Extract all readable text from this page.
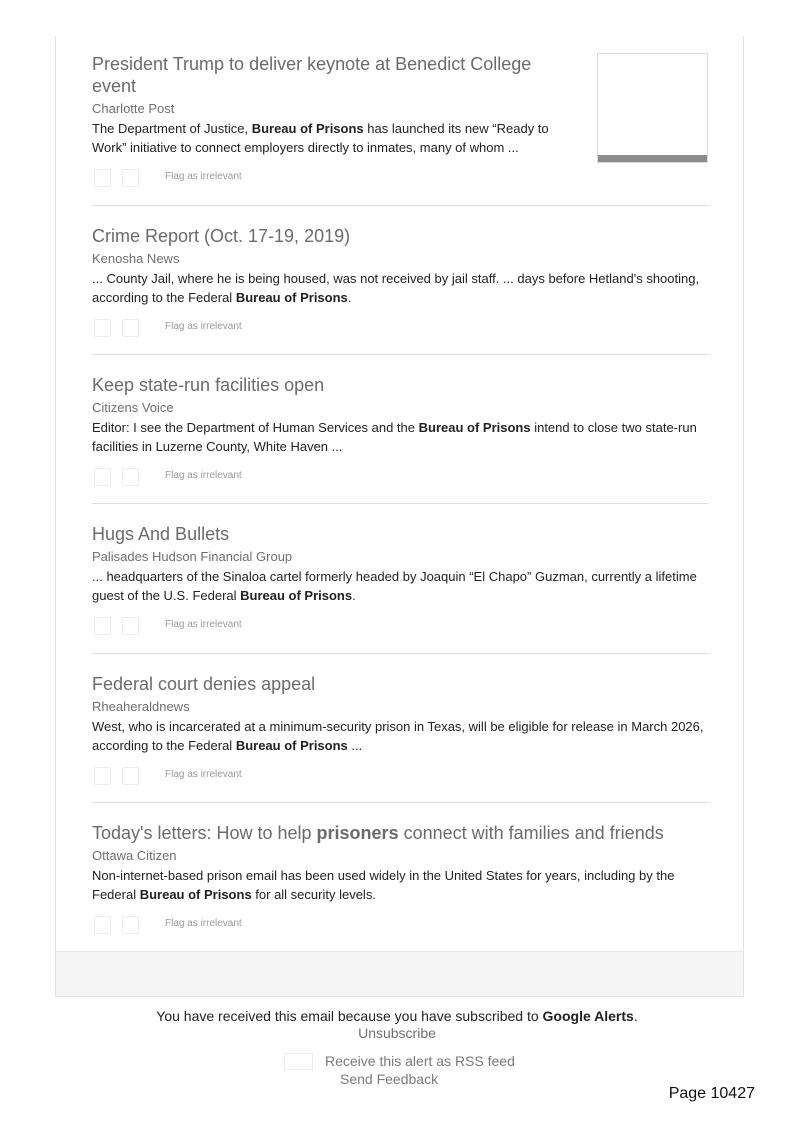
President Trump to deliver keynote at Benedict College event
Charlotte Post
The Department of Justice, Bureau of Prisons has launched its new “Ready to Work” initiative to connect employers directly to inmates, many of whom ...
Flag as irrelevant
Crime Report (Oct. 17-19, 2019)
Kenosha News
... County Jail, where he is being housed, was not received by jail staff. ... days before Hetland's shooting, according to the Federal Bureau of Prisons.
Flag as irrelevant
Keep state-run facilities open
Citizens Voice
Editor: I see the Department of Human Services and the Bureau of Prisons intend to close two state-run facilities in Luzerne County, White Haven ...
Flag as irrelevant
Hugs And Bullets
Palisades Hudson Financial Group
... headquarters of the Sinaloa cartel formerly headed by Joaquin “El Chapo” Guzman, currently a lifetime guest of the U.S. Federal Bureau of Prisons.
Flag as irrelevant
Federal court denies appeal
Rheaheraldnews
West, who is incarcerated at a minimum-security prison in Texas, will be eligible for release in March 2026, according to the Federal Bureau of Prisons ...
Flag as irrelevant
Today's letters: How to help prisoners connect with families and friends
Ottawa Citizen
Non-internet-based prison email has been used widely in the United States for years, including by the Federal Bureau of Prisons for all security levels.
Flag as irrelevant
You have received this email because you have subscribed to Google Alerts.
Unsubscribe
Receive this alert as RSS feed
Send Feedback
Page 10427
